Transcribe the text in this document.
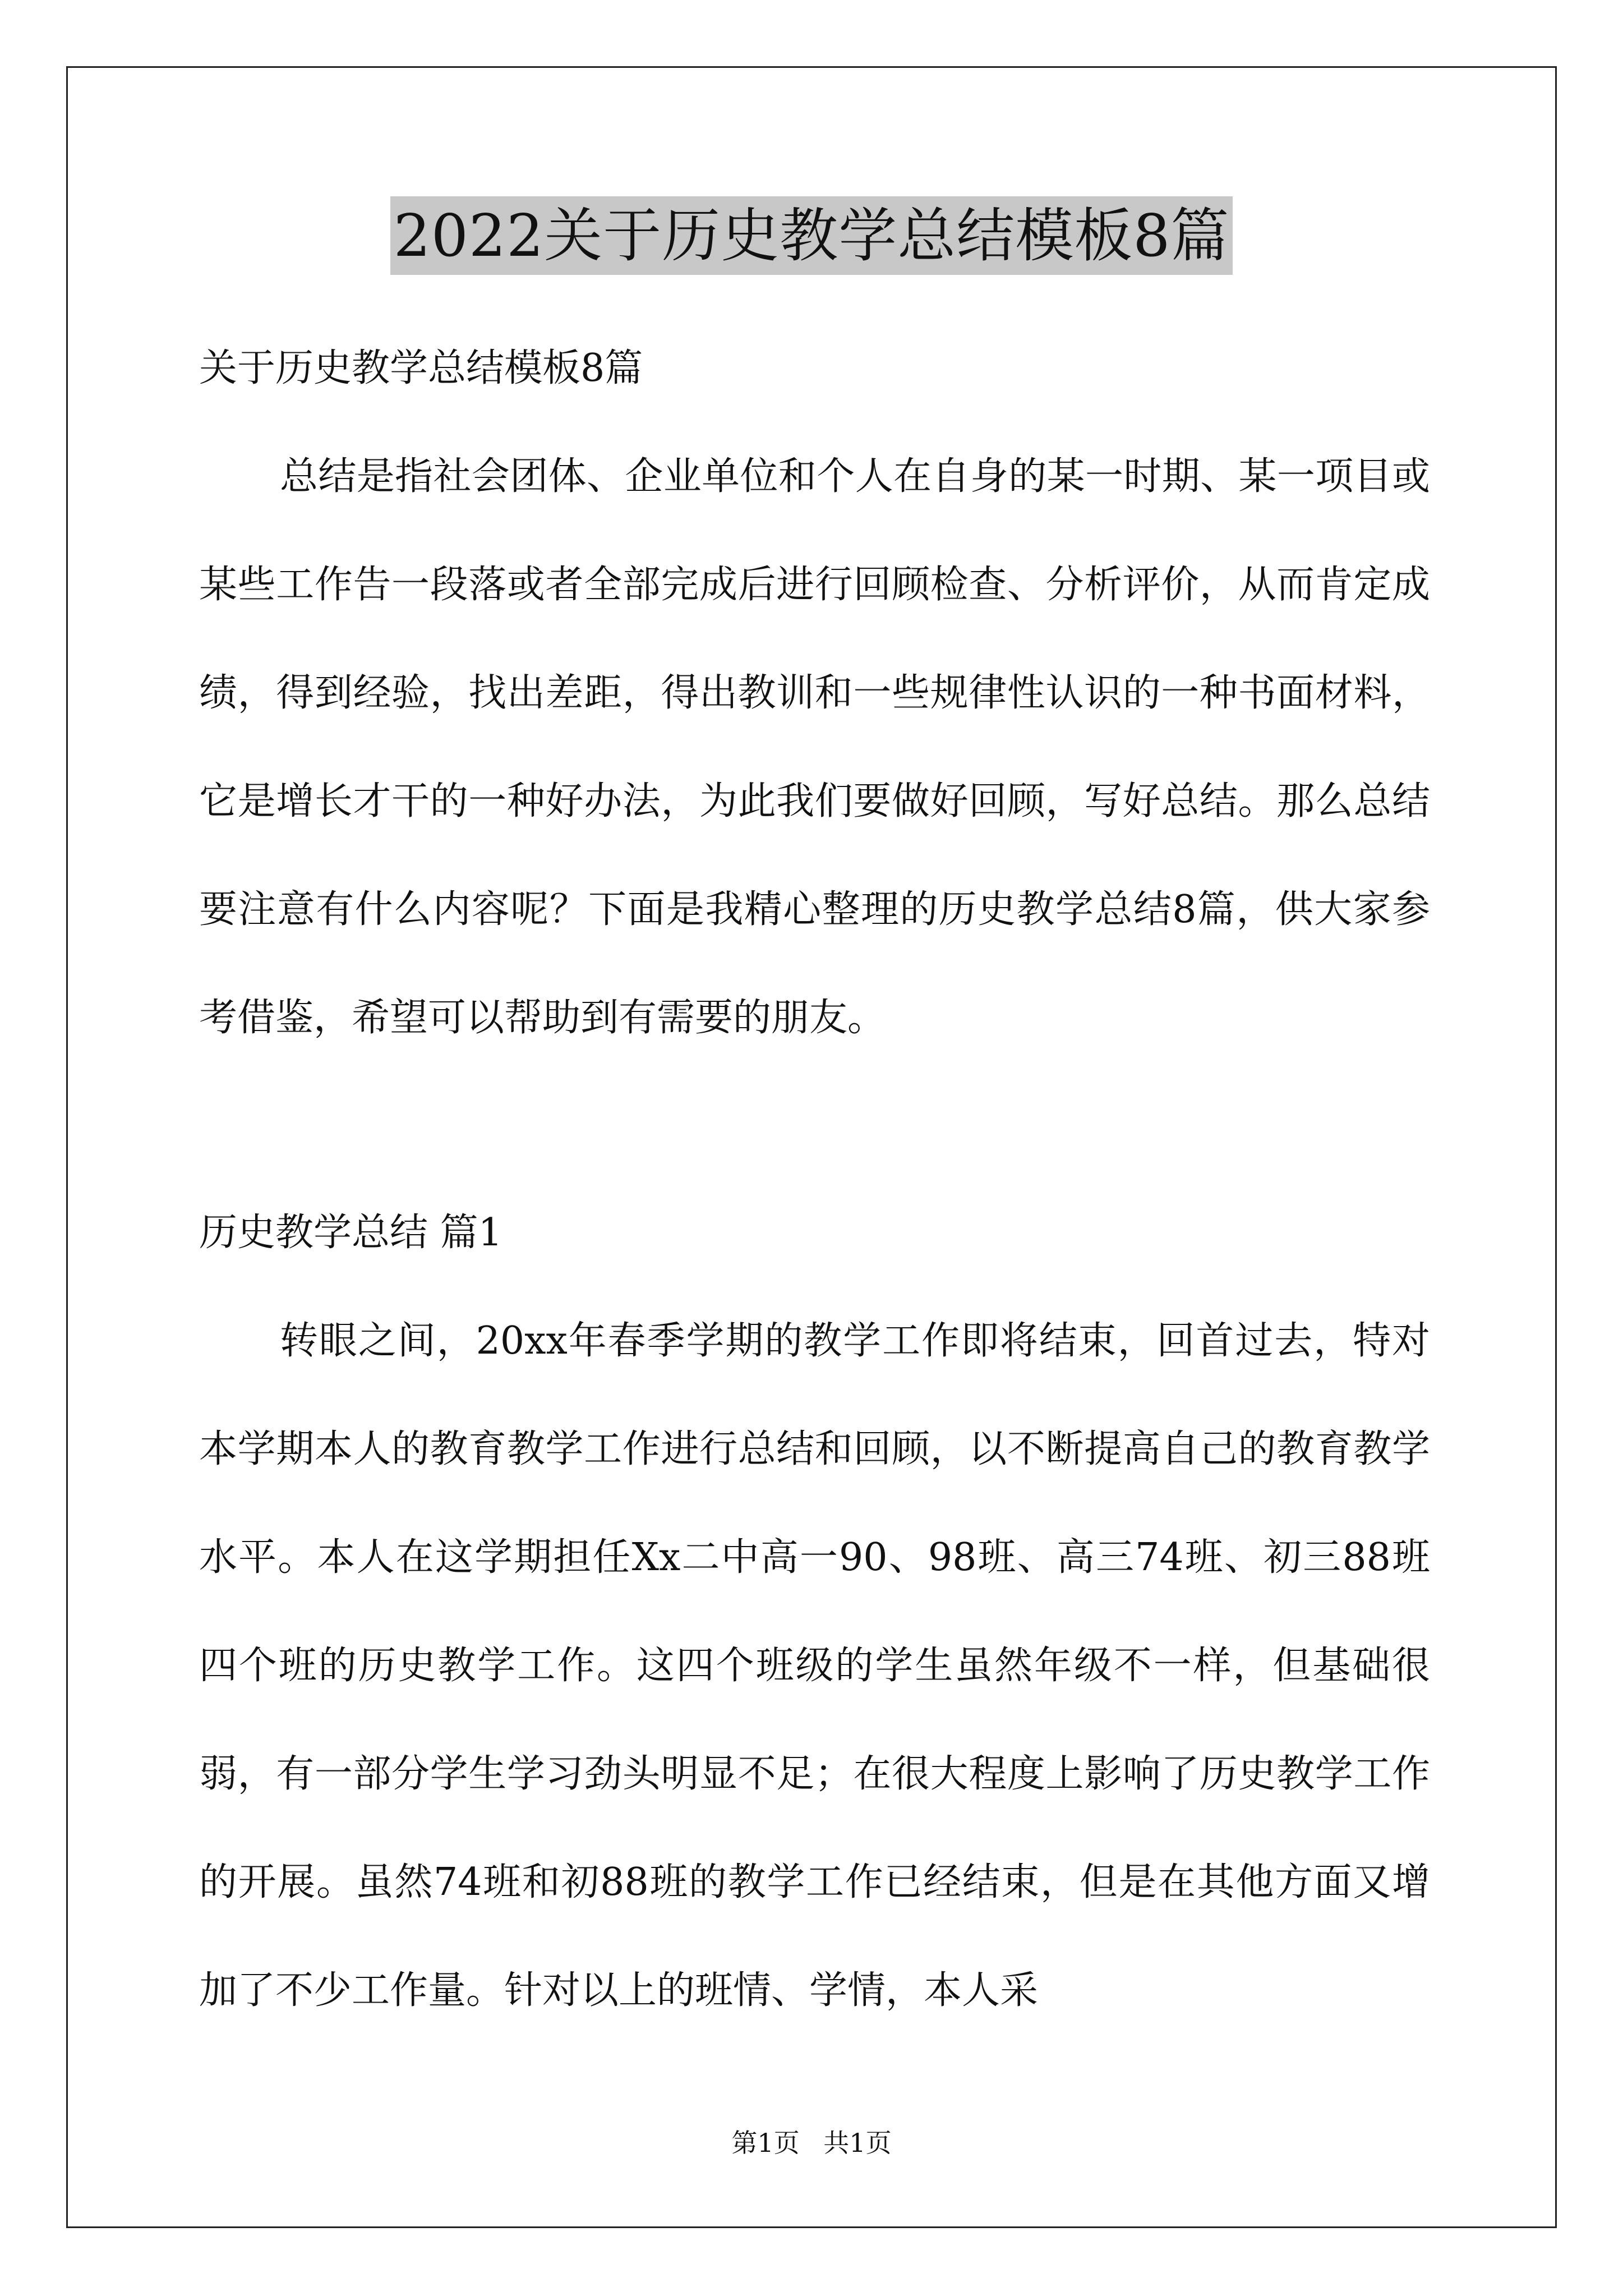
2022关于历史教学总结模板8篇

关于历史教学总结模板8篇

总结是指社会团体、企业单位和个人在自身的某一时期、某一项目或某些工作告一段落或者全部完成后进行回顾检查、分析评价，从而肯定成绩，得到经验，找出差距，得出教训和一些规律性认识的一种书面材料，它是增长才干的一种好办法，为此我们要做好回顾，写好总结。那么总结要注意有什么内容呢？下面是我精心整理的历史教学总结8篇，供大家参考借鉴，希望可以帮助到有需要的朋友。

历史教学总结 篇1

转眼之间，20xx年春季学期的教学工作即将结束，回首过去，特对本学期本人的教育教学工作进行总结和回顾，以不断提高自己的教育教学水平。本人在这学期担任Xx二中高一90、98班、高三74班、初三88班四个班的历史教学工作。这四个班级的学生虽然年级不一样，但基础很弱，有一部分学生学习劲头明显不足；在很大程度上影响了历史教学工作的开展。虽然74班和初88班的教学工作已经结束，但是在其他方面又增加了不少工作量。针对以上的班情、学情，本人采

第1页 共1页
